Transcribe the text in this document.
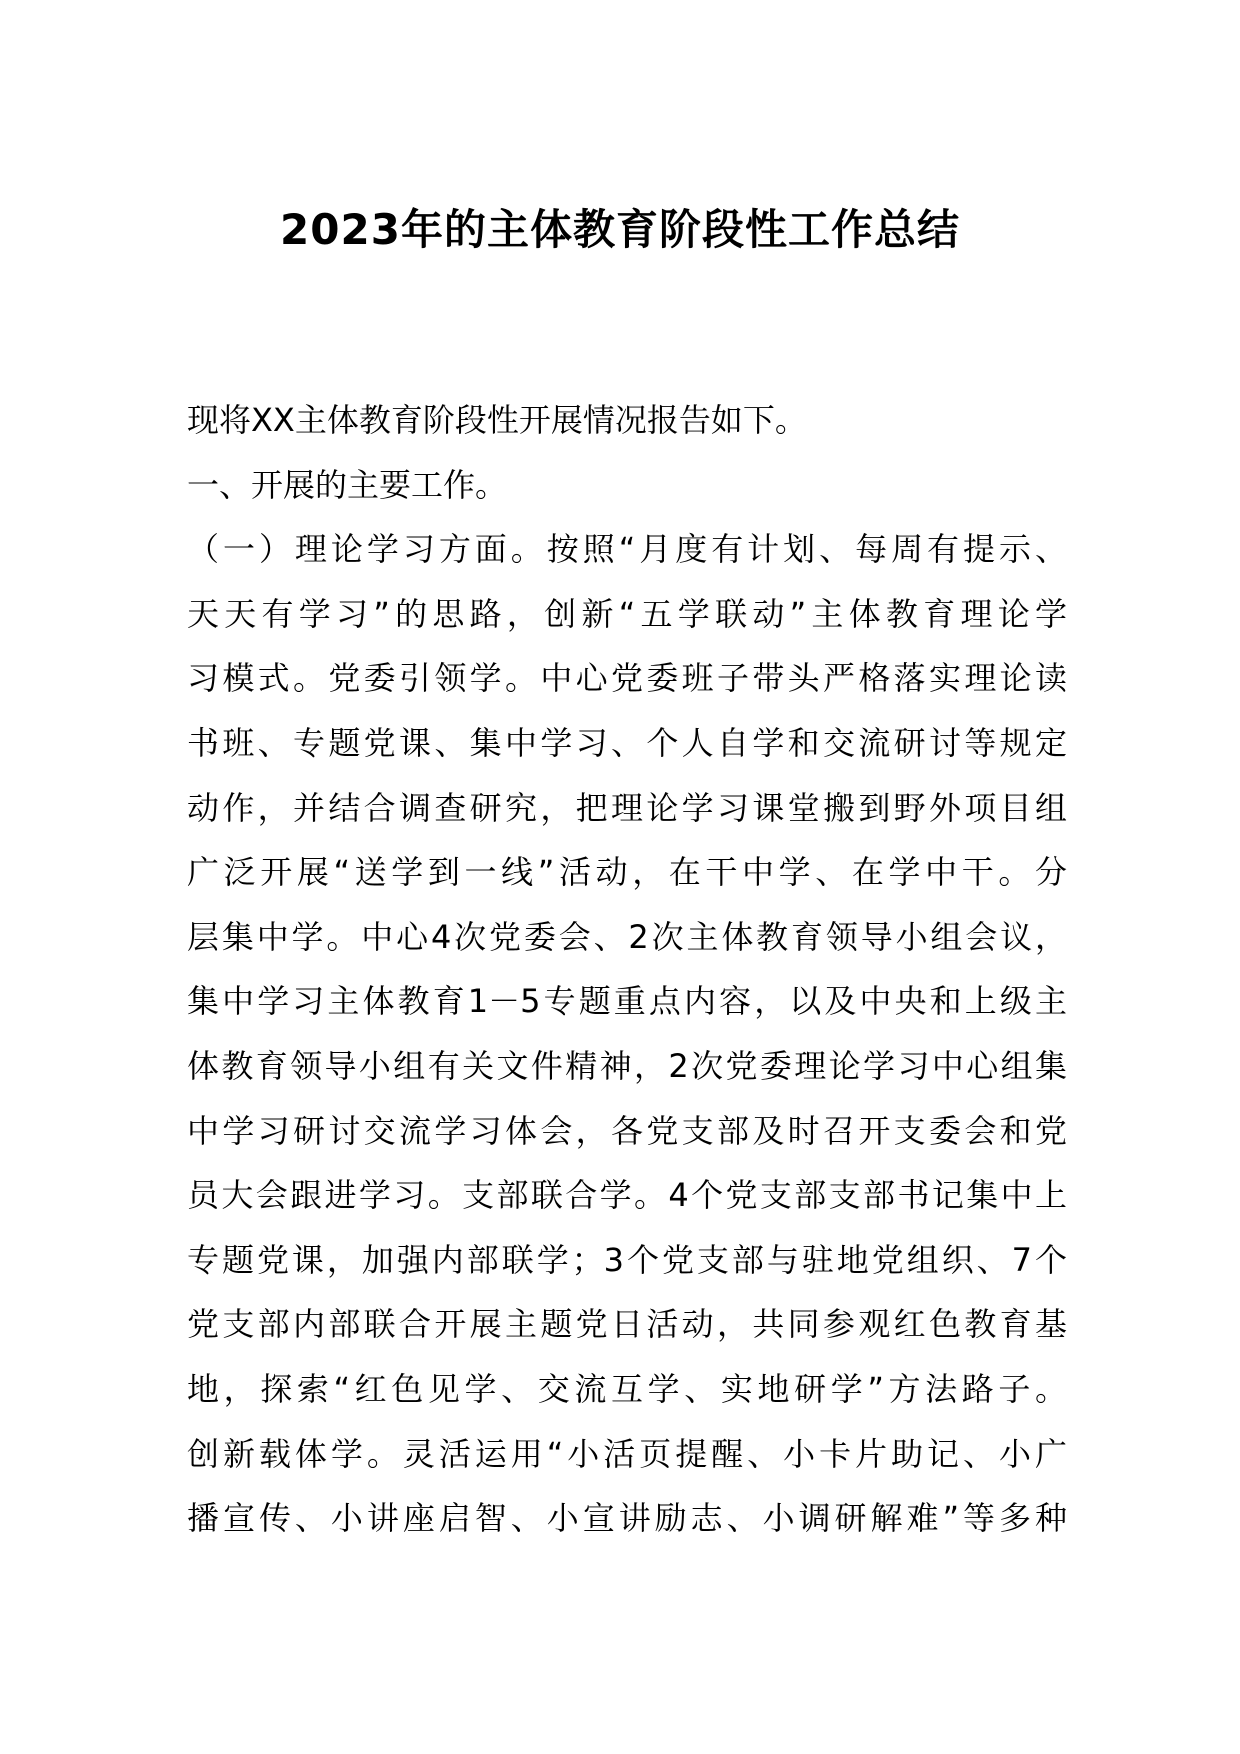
2023年的主体教育阶段性工作总结
现将XX主体教育阶段性开展情况报告如下。
一、开展的主要工作。
（一）理论学习方面。按照“月度有计划、每周有提示、
天天有学习”的思路，创新“五学联动”主体教育理论学
习模式。党委引领学。中心党委班子带头严格落实理论读
书班、专题党课、集中学习、个人自学和交流研讨等规定
动作，并结合调查研究，把理论学习课堂搬到野外项目组
广泛开展“送学到一线”活动，在干中学、在学中干。分
层集中学。中心4次党委会、2次主体教育领导小组会议，
集中学习主体教育1－5专题重点内容，以及中央和上级主
体教育领导小组有关文件精神，2次党委理论学习中心组集
中学习研讨交流学习体会，各党支部及时召开支委会和党
员大会跟进学习。支部联合学。4个党支部支部书记集中上
专题党课，加强内部联学；3个党支部与驻地党组织、7个
党支部内部联合开展主题党日活动，共同参观红色教育基
地，探索“红色见学、交流互学、实地研学”方法路子。
创新载体学。灵活运用“小活页提醒、小卡片助记、小广
播宣传、小讲座启智、小宣讲励志、小调研解难”等多种
